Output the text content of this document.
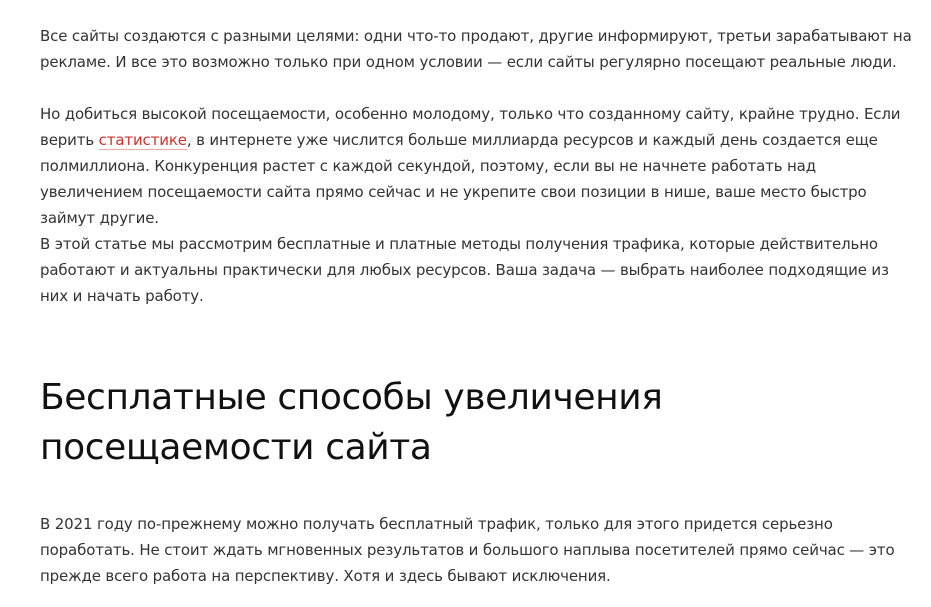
Все сайты создаются с разными целями: одни что-то продают, другие информируют, третьи зарабатывают на рекламе. И все это возможно только при одном условии — если сайты регулярно посещают реальные люди.

Но добиться высокой посещаемости, особенно молодому, только что созданному сайту, крайне трудно. Если верить статистике, в интернете уже числится больше миллиарда ресурсов и каждый день создается еще полмиллиона. Конкуренция растет с каждой секундой, поэтому, если вы не начнете работать над увеличением посещаемости сайта прямо сейчас и не укрепите свои позиции в нише, ваше место быстро займут другие.

В этой статье мы рассмотрим бесплатные и платные методы получения трафика, которые действительно работают и актуальны практически для любых ресурсов. Ваша задача — выбрать наиболее подходящие из них и начать работу.

Бесплатные способы увеличения посещаемости сайта

В 2021 году по-прежнему можно получать бесплатный трафик, только для этого придется серьезно поработать. Не стоит ждать мгновенных результатов и большого наплыва посетителей прямо сейчас — это прежде всего работа на перспективу. Хотя и здесь бывают исключения.
